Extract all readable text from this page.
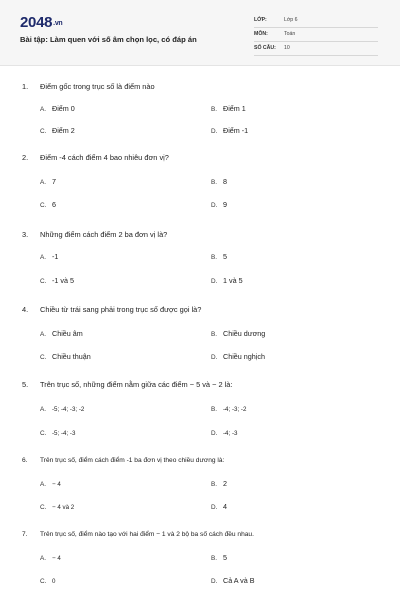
2048.vn
Bài tập: Làm quen với số âm chọn lọc, có đáp án
LỚP:	Lớp 6
MÔN:	Toán
SỐ CÂU: 10
1. Điểm gốc trong trục số là điểm nào
A. Điểm 0	B. Điểm 1
C. Điểm 2	D. Điểm -1
2. Điểm -4 cách điểm 4 bao nhiêu đơn vị?
A. 7	B. 8
C. 6	D. 9
3. Những điểm cách điểm 2 ba đơn vị là?
A. -1	B. 5
C. -1 và 5	D. 1 và 5
4. Chiều từ trái sang phải trong trục số được gọi là?
A. Chiều âm	B. Chiều dương
C. Chiều thuận	D. Chiều nghịch
5. Trên trục số, những điểm nằm giữa các điểm − 5 và − 2 là:
A. -5; -4; -3; -2	B. -4; -3; -2
C. -5; -4; -3	D. -4; -3
6. Trên trục số, điểm cách điểm -1 ba đơn vị theo chiều dương là:
A. − 4	B. 2
C. − 4 và 2	D. 4
7. Trên trục số, điểm nào tạo với hai điểm − 1 và 2 bộ ba số cách đều nhau.
A. − 4	B. 5
C. 0	D. Cả A và B
